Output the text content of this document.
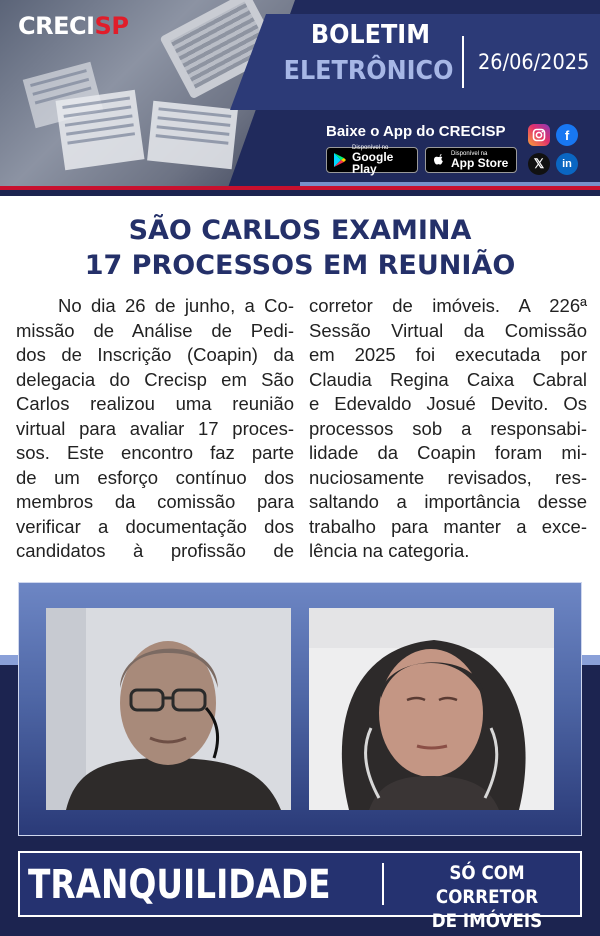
CRECISP	BOLETIM
ELETRÔNICO 26/06/2025
Baixe o App do CRECISP
Disponível no
Google Play
Disponível na
App Store
f
𝕏	in
SÃO CARLOS EXAMINA
17 PROCESSOS EM REUNIÃO
No dia 26 de junho, a Co-
missão de Análise de Pedi-
dos de Inscrição (Coapin) da
delegacia do Crecisp em São
Carlos realizou uma reunião
virtual para avaliar 17 proces-
sos. Este encontro faz parte
de um esforço contínuo dos
membros da comissão para
verificar a documentação dos
candidatos à profissão de
corretor de imóveis. A 226ª
Sessão Virtual da Comissão
em 2025 foi executada por
Claudia Regina Caixa Cabral
e Edevaldo Josué Devito. Os
processos sob a responsabi-
lidade da Coapin foram mi-
nuciosamente revisados, res-
saltando a importância desse
trabalho para manter a exce-
lência na categoria.
TRANQUILIDADE	SÓ COM CORRETOR
DE IMÓVEIS
